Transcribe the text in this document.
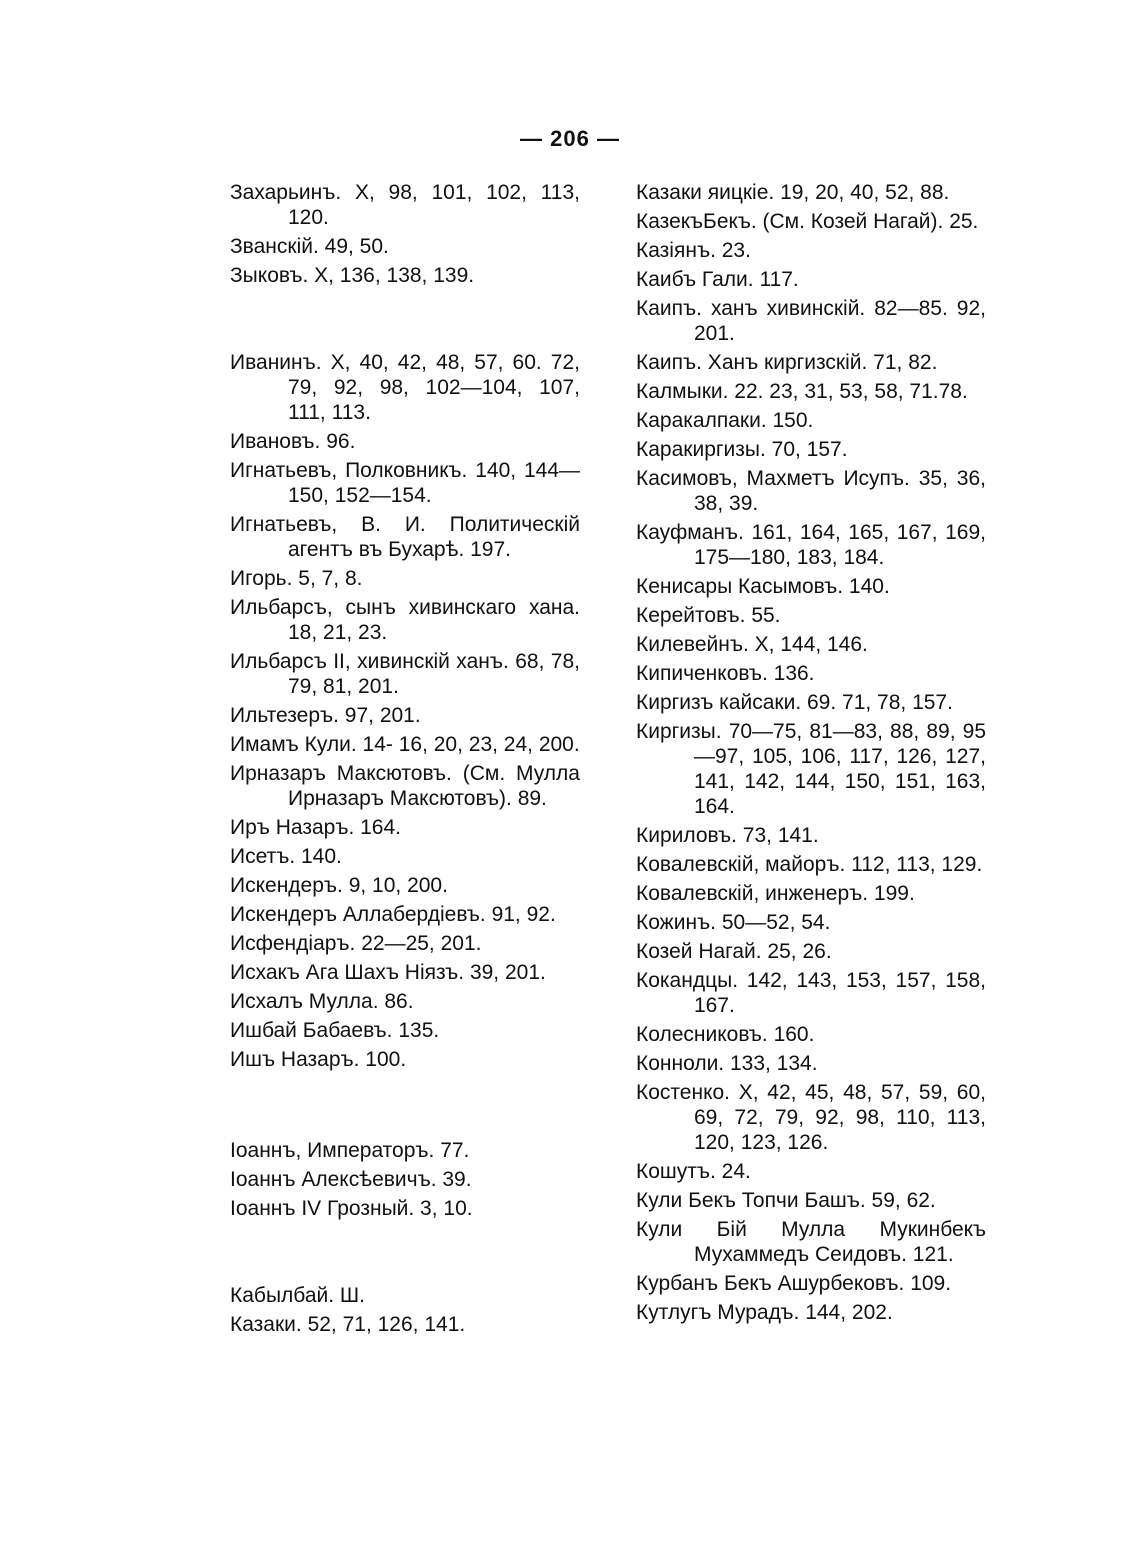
— 206 —
Захарьинъ. X, 98, 101, 102, 113, 120.
Званскій. 49, 50.
Зыковъ. X, 136, 138, 139.
Иванинъ. X, 40, 42, 48, 57, 60. 72, 79, 92, 98, 102—104, 107, 111, 113.
Ивановъ. 96.
Игнатьевъ, Полковникъ. 140, 144—150, 152—154.
Игнатьевъ, В. И. Политическій агентъ въ Бухарѣ. 197.
Игорь. 5, 7, 8.
Ильбарсъ, сынъ хивинскаго хана. 18, 21, 23.
Ильбарсъ II, хивинскій ханъ. 68, 78, 79, 81, 201.
Ильтезеръ. 97, 201.
Имамъ Кули. 14- 16, 20, 23, 24, 200.
Ирназаръ Максютовъ. (См. Мулла Ирназаръ Максютовъ). 89.
Иръ Назаръ. 164.
Исетъ. 140.
Искендеръ. 9, 10, 200.
Искендеръ Аллабердіевъ. 91, 92.
Исфендіаръ. 22—25, 201.
Исхакъ Ага Шахъ Ніязъ. 39, 201.
Исхалъ Мулла. 86.
Ишбай Бабаевъ. 135.
Ишъ Назаръ. 100.
Іоаннъ, Императоръ. 77.
Іоаннъ Алексѣевичъ. 39.
Іоаннъ IV Грозный. 3, 10.
Кабылбай. Ш.
Казаки. 52, 71, 126, 141.
Казаки яицкіе. 19, 20, 40, 52, 88.
КазекъБекъ. (См. Козей Нагай). 25.
Казіянъ. 23.
Каибъ Гали. 117.
Каипъ. ханъ хивинскій. 82—85. 92, 201.
Каипъ. Ханъ киргизскій. 71, 82.
Калмыки. 22. 23, 31, 53, 58, 71.78.
Каракалпаки. 150.
Каракиргизы. 70, 157.
Касимовъ, Махметъ Исупъ. 35, 36, 38, 39.
Кауфманъ. 161, 164, 165, 167, 169, 175—180, 183, 184.
Кенисары Касымовъ. 140.
Керейтовъ. 55.
Килевейнъ. X, 144, 146.
Кипиченковъ. 136.
Киргизъ кайсаки. 69. 71, 78, 157.
Киргизы. 70—75, 81—83, 88, 89, 95—97, 105, 106, 117, 126, 127, 141, 142, 144, 150, 151, 163, 164.
Кириловъ. 73, 141.
Ковалевскій, майоръ. 112, 113, 129.
Ковалевскій, инженеръ. 199.
Кожинъ. 50—52, 54.
Козей Нагай. 25, 26.
Кокандцы. 142, 143, 153, 157, 158, 167.
Колесниковъ. 160.
Конноли. 133, 134.
Костенко. X, 42, 45, 48, 57, 59, 60, 69, 72, 79, 92, 98, 110, 113, 120, 123, 126.
Кошутъ. 24.
Кули Бекъ Топчи Башъ. 59, 62.
Кули Бій Мулла Мукинбекъ Мухаммедъ Сеидовъ. 121.
Курбанъ Бекъ Ашурбековъ. 109.
Кутлугъ Мурадъ. 144, 202.
